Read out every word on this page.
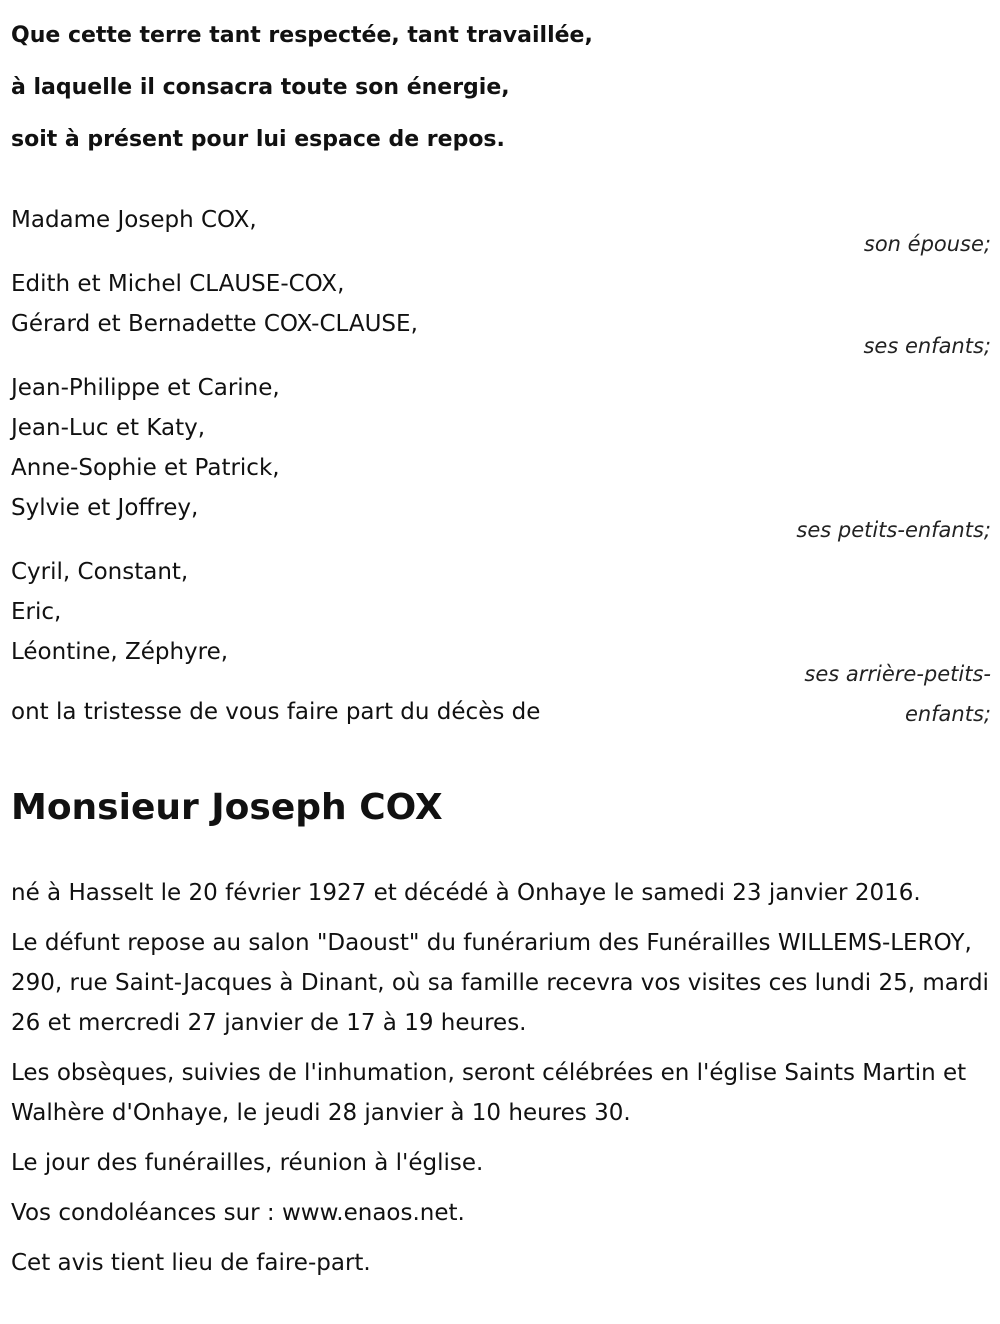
Que cette terre tant respectée, tant travaillée,
à laquelle il consacra toute son énergie,
soit à présent pour lui espace de repos.
Madame Joseph COX,
son épouse;
Edith et Michel CLAUSE-COX,
Gérard et Bernadette COX-CLAUSE,
ses enfants;
Jean-Philippe et Carine,
Jean-Luc et Katy,
Anne-Sophie et Patrick,
Sylvie et Joffrey,
ses petits-enfants;
Cyril, Constant,
Eric,
Léontine, Zéphyre,
ses arrière-petits-enfants;
ont la tristesse de vous faire part du décès de
Monsieur Joseph COX
né à Hasselt le 20 février 1927 et décédé à Onhaye le samedi 23 janvier 2016.
Le défunt repose au salon "Daoust" du funérarium des Funérailles WILLEMS-LEROY, 290, rue Saint-Jacques à Dinant, où sa famille recevra vos visites ces lundi 25, mardi 26 et mercredi 27 janvier de 17 à 19 heures.
Les obsèques, suivies de l'inhumation, seront célébrées en l'église Saints Martin et Walhère d'Onhaye, le jeudi 28 janvier à 10 heures 30.
Le jour des funérailles, réunion à l'église.
Vos condoléances sur : www.enaos.net.
Cet avis tient lieu de faire-part.
